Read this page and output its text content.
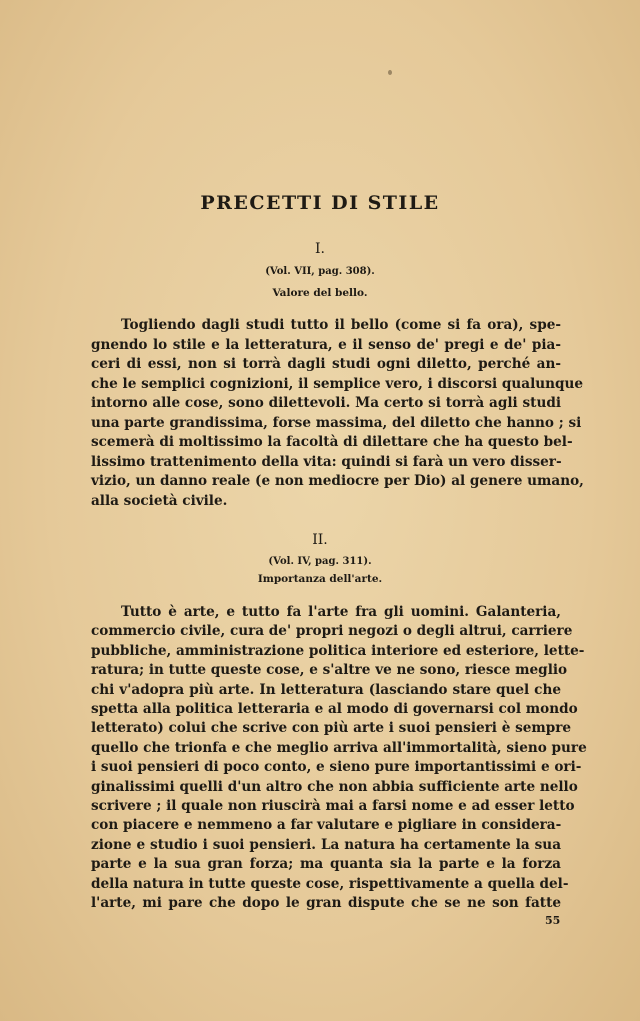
PRECETTI DI STILE
I.
(Vol. VII, pag. 308).
Valore del bello.
Togliendo dagli studi tutto il bello (come si fa ora), spe-
gnendo lo stile e la letteratura, e il senso de' pregi e de' pia-
ceri di essi, non si torrà dagli studi ogni diletto, perché an-
che le semplici cognizioni, il semplice vero, i discorsi qualunque
intorno alle cose, sono dilettevoli. Ma certo si torrà agli studi
una parte grandissima, forse massima, del diletto che hanno ; si
scemerà di moltissimo la facoltà di dilettare che ha questo bel-
lissimo trattenimento della vita: quindi si farà un vero disser-
vizio, un danno reale (e non mediocre per Dio) al genere umano,
alla società civile.
II.
(Vol. IV, pag. 311).
Importanza dell'arte.
Tutto è arte, e tutto fa l'arte fra gli uomini. Galanteria,
commercio civile, cura de' propri negozi o degli altrui, carriere
pubbliche, amministrazione politica interiore ed esteriore, lette-
ratura; in tutte queste cose, e s'altre ve ne sono, riesce meglio
chi v'adopra più arte. In letteratura (lasciando stare quel che
spetta alla politica letteraria e al modo di governarsi col mondo
letterato) colui che scrive con più arte i suoi pensieri è sempre
quello che trionfa e che meglio arriva all'immortalità, sieno pure
i suoi pensieri di poco conto, e sieno pure importantissimi e ori-
ginalissimi quelli d'un altro che non abbia sufficiente arte nello
scrivere ; il quale non riuscirà mai a farsi nome e ad esser letto
con piacere e nemmeno a far valutare e pigliare in considera-
zione e studio i suoi pensieri. La natura ha certamente la sua
parte e la sua gran forza; ma quanta sia la parte e la forza
della natura in tutte queste cose, rispettivamente a quella del-
l'arte, mi pare che dopo le gran dispute che se ne son fatte
55
